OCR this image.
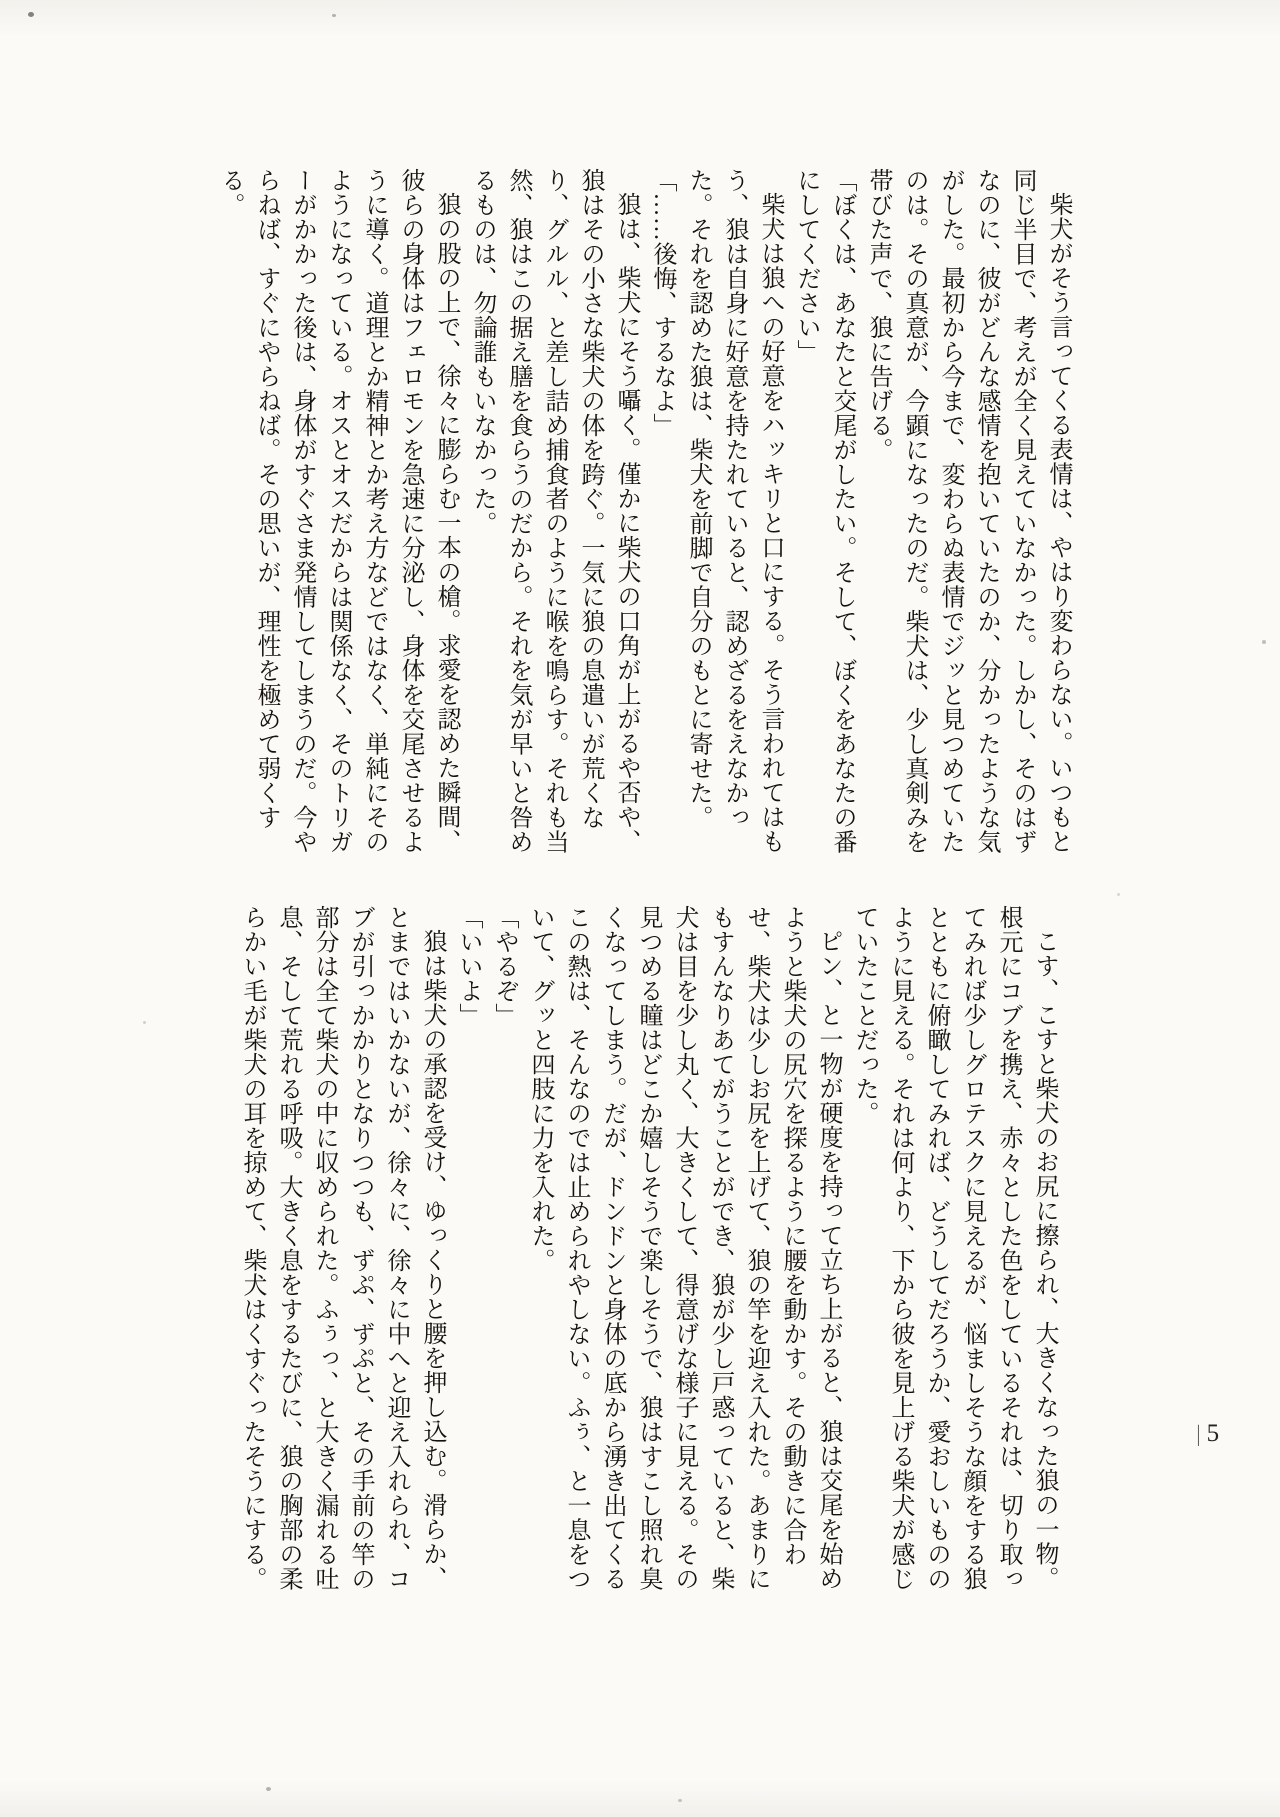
柴犬がそう言ってくる表情は、やはり変わらない。いつもと同じ半目で、考えが全く見えていなかった。しかし、そのはずなのに、彼がどんな感情を抱いていたのか、分かったような気がした。最初から今まで、変わらぬ表情でジッと見つめていたのは。その真意が、今顕になったのだ。柴犬は、少し真剣みを帯びた声で、狼に告げる。

「ぼくは、あなたと交尾がしたい。そして、ぼくをあなたの番にしてください」

柴犬は狼への好意をハッキリと口にする。そう言われてはもう、狼は自身に好意を持たれていると、認めざるをえなかった。それを認めた狼は、柴犬を前脚で自分のもとに寄せた。

「……後悔、するなよ」

狼は、柴犬にそう囁く。僅かに柴犬の口角が上がるや否や、狼はその小さな柴犬の体を跨ぐ。一気に狼の息遣いが荒くなり、グルル、と差し詰め捕食者のように喉を鳴らす。それも当然、狼はこの据え膳を食らうのだから。それを気が早いと咎めるものは、勿論誰もいなかった。

狼の股の上で、徐々に膨らむ一本の槍。求愛を認めた瞬間、彼らの身体はフェロモンを急速に分泌し、身体を交尾させるように導く。道理とか精神とか考え方などではなく、単純にそのようになっている。オスとオスだからは関係なく、そのトリガーがかかった後は、身体がすぐさま発情してしまうのだ。今やらねば、すぐにやらねば。その思いが、理性を極めて弱くする。

こす、こすと柴犬のお尻に擦られ、大きくなった狼の一物。根元にコブを携え、赤々とした色をしているそれは、切り取ってみれば少しグロテスクに見えるが、悩ましそうな顔をする狼とともに俯瞰してみれば、どうしてだろうか、愛おしいもののように見える。それは何より、下から彼を見上げる柴犬が感じていたことだった。

ピン、と一物が硬度を持って立ち上がると、狼は交尾を始めようと柴犬の尻穴を探るように腰を動かす。その動きに合わせ、柴犬は少しお尻を上げて、狼の竿を迎え入れた。あまりにもすんなりあてがうことができ、狼が少し戸惑っていると、柴犬は目を少し丸く、大きくして、得意げな様子に見える。その見つめる瞳はどこか嬉しそうで楽しそうで、狼はすこし照れ臭くなってしまう。だが、ドンドンと身体の底から湧き出てくるこの熱は、そんなのでは止められやしない。ふぅ、と一息をついて、グッと四肢に力を入れた。

「やるぞ」

「いいよ」

狼は柴犬の承認を受け、ゆっくりと腰を押し込む。滑らか、とまではいかないが、徐々に、徐々に中へと迎え入れられ、コブが引っかかりとなりつつも、ずぷ、ずぷと、その手前の竿の部分は全て柴犬の中に収められた。ふぅっ、と大きく漏れる吐息、そして荒れる呼吸。大きく息をするたびに、狼の胸部の柔らかい毛が柴犬の耳を掠めて、柴犬はくすぐったそうにする。	| 5
